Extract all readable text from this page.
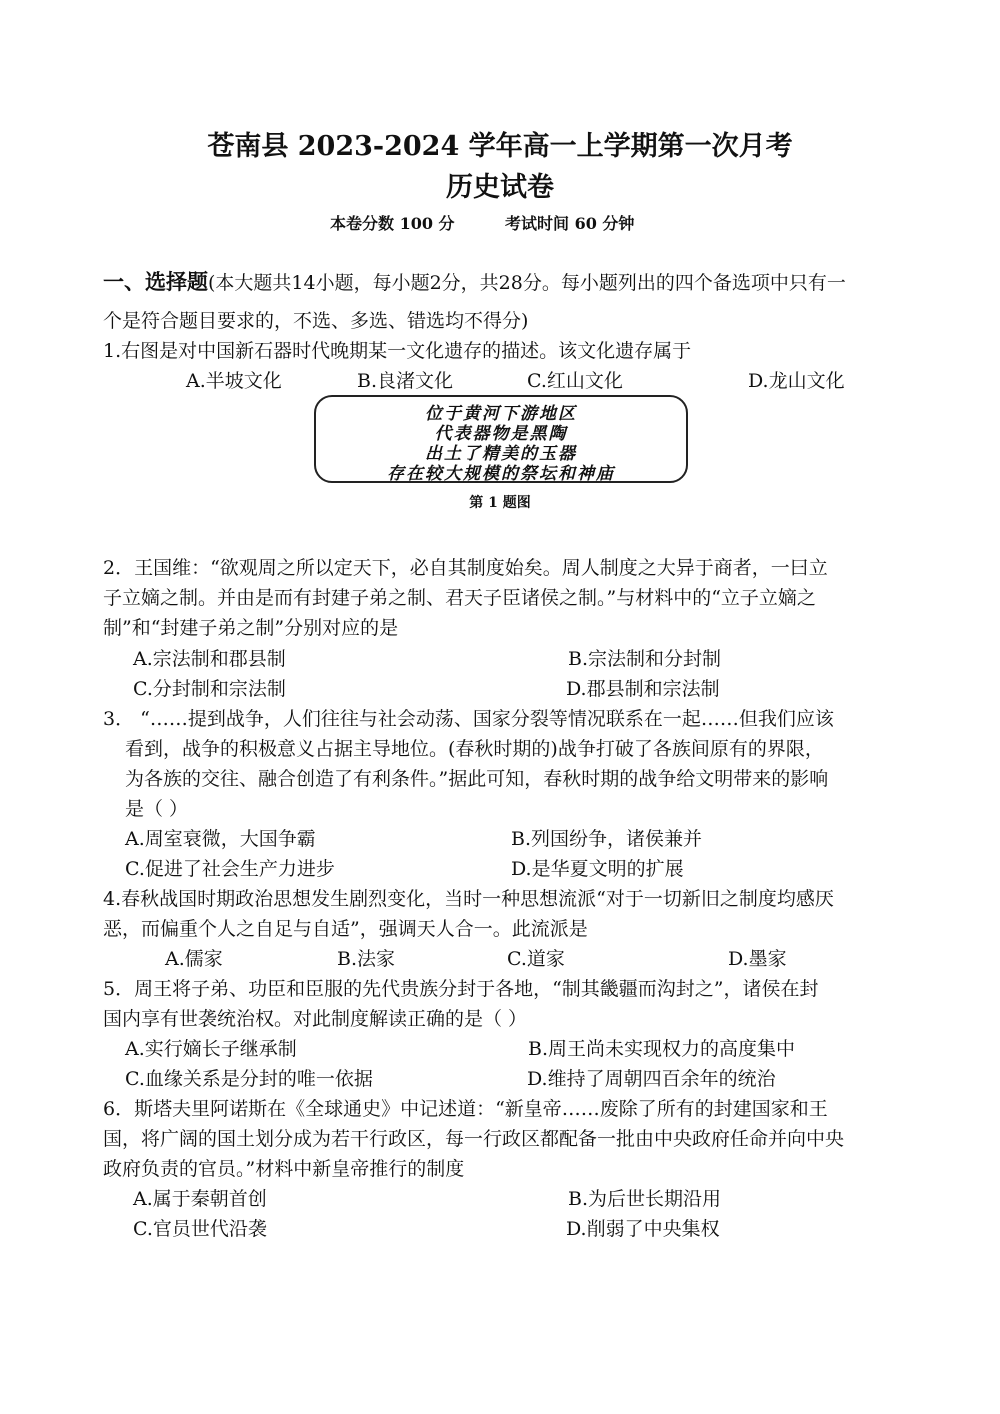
苍南县 2023-2024 学年高一上学期第一次月考
历史试卷
本卷分数 100 分	考试时间 60 分钟
一、选择题(本大题共14小题，每小题2分，共28分。每小题列出的四个备选项中只有一
个是符合题目要求的，不选、多选、错选均不得分)
1.右图是对中国新石器时代晚期某一文化遗存的描述。该文化遗存属于
A.半坡文化	B.良渚文化	C.红山文化	D.龙山文化
位于黄河下游地区
代表器物是黑陶
出土了精美的玉器
存在较大规模的祭坛和神庙
第 1 题图
2．王国维：“欲观周之所以定天下，必自其制度始矣。周人制度之大异于商者，一曰立
子立嫡之制。并由是而有封建子弟之制、君天子臣诸侯之制。”与材料中的“立子立嫡之
制”和“封建子弟之制”分别对应的是
A.宗法制和郡县制	B.宗法制和分封制
C.分封制和宗法制	D.郡县制和宗法制
3． “……提到战争，人们往往与社会动荡、国家分裂等情况联系在一起……但我们应该
看到，战争的积极意义占据主导地位。(春秋时期的)战争打破了各族间原有的界限，
为各族的交往、融合创造了有利条件。”据此可知，春秋时期的战争给文明带来的影响
是（ ）
A.周室衰微，大国争霸	B.列国纷争，诸侯兼并
C.促进了社会生产力进步	D.是华夏文明的扩展
4.春秋战国时期政治思想发生剧烈变化，当时一种思想流派“对于一切新旧之制度均感厌
恶，而偏重个人之自足与自适”，强调天人合一。此流派是
A.儒家	B.法家	C.道家	D.墨家
5．周王将子弟、功臣和臣服的先代贵族分封于各地，“制其畿疆而沟封之”，诸侯在封
国内享有世袭统治权。对此制度解读正确的是（ ）
A.实行嫡长子继承制	B.周王尚未实现权力的高度集中
C.血缘关系是分封的唯一依据	D.维持了周朝四百余年的统治
6．斯塔夫里阿诺斯在《全球通史》中记述道：“新皇帝……废除了所有的封建国家和王
国，将广阔的国土划分成为若干行政区，每一行政区都配备一批由中央政府任命并向中央
政府负责的官员。”材料中新皇帝推行的制度
A.属于秦朝首创	B.为后世长期沿用
C.官员世代沿袭	D.削弱了中央集权
